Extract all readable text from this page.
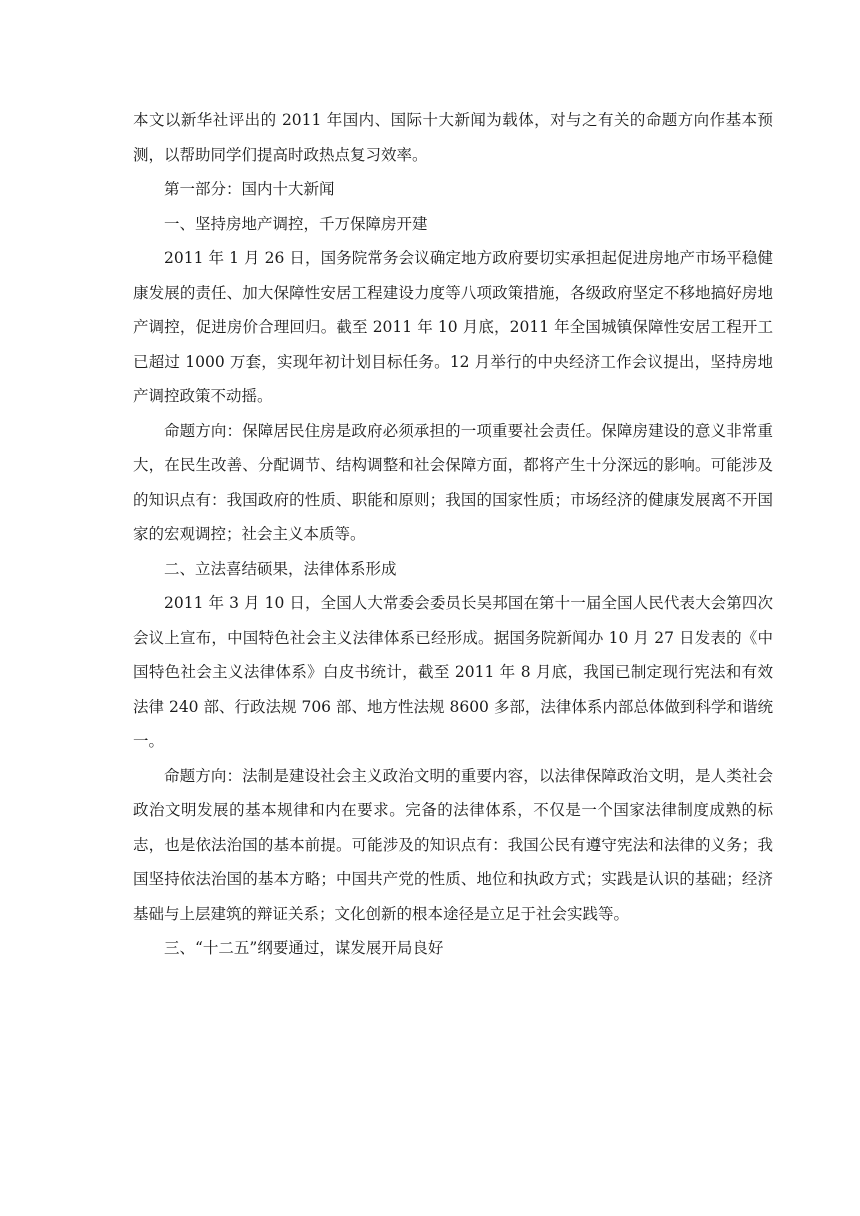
本文以新华社评出的 2011 年国内、国际十大新闻为载体，对与之有关的命题方向作基本预测，以帮助同学们提高时政热点复习效率。

第一部分：国内十大新闻

一、坚持房地产调控，千万保障房开建

2011 年 1 月 26 日，国务院常务会议确定地方政府要切实承担起促进房地产市场平稳健康发展的责任、加大保障性安居工程建设力度等八项政策措施，各级政府坚定不移地搞好房地产调控，促进房价合理回归。截至 2011 年 10 月底，2011 年全国城镇保障性安居工程开工已超过 1000 万套，实现年初计划目标任务。12 月举行的中央经济工作会议提出，坚持房地产调控政策不动摇。

命题方向：保障居民住房是政府必须承担的一项重要社会责任。保障房建设的意义非常重大，在民生改善、分配调节、结构调整和社会保障方面，都将产生十分深远的影响。可能涉及的知识点有：我国政府的性质、职能和原则；我国的国家性质；市场经济的健康发展离不开国家的宏观调控；社会主义本质等。

二、立法喜结硕果，法律体系形成

2011 年 3 月 10 日，全国人大常委会委员长吴邦国在第十一届全国人民代表大会第四次会议上宣布，中国特色社会主义法律体系已经形成。据国务院新闻办 10 月 27 日发表的《中国特色社会主义法律体系》白皮书统计，截至 2011 年 8 月底，我国已制定现行宪法和有效法律 240 部、行政法规 706 部、地方性法规 8600 多部，法律体系内部总体做到科学和谐统一。

命题方向：法制是建设社会主义政治文明的重要内容，以法律保障政治文明，是人类社会政治文明发展的基本规律和内在要求。完备的法律体系，不仅是一个国家法律制度成熟的标志，也是依法治国的基本前提。可能涉及的知识点有：我国公民有遵守宪法和法律的义务；我国坚持依法治国的基本方略；中国共产党的性质、地位和执政方式；实践是认识的基础；经济基础与上层建筑的辩证关系；文化创新的根本途径是立足于社会实践等。

三、“十二五”纲要通过，谋发展开局良好
